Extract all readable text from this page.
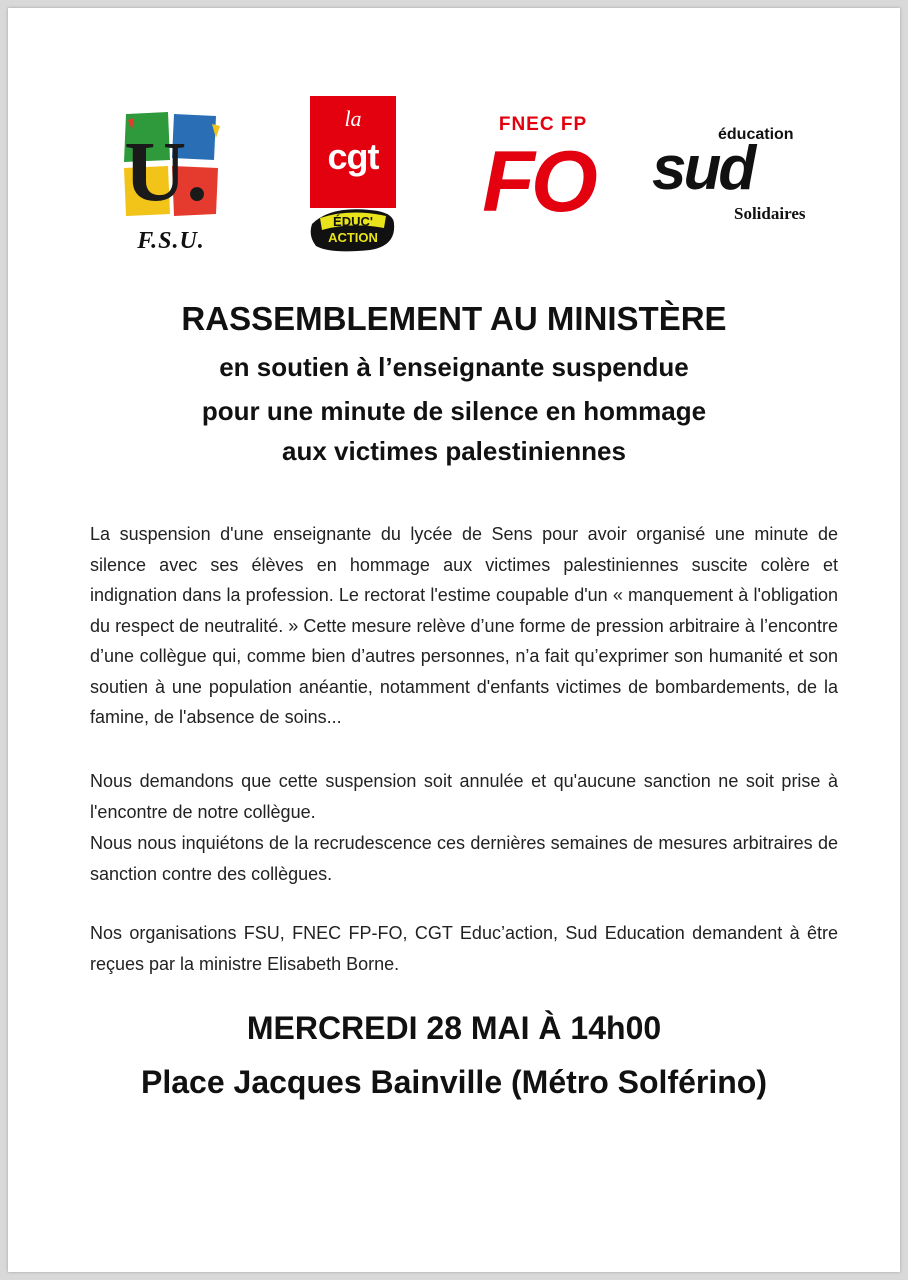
U.
F.S.U.
la
cgt
ÉDUC'
ACTION
FNEC FP
FO	éducation
sud
Solidaires
RASSEMBLEMENT AU MINISTÈRE
en soutien à l’enseignante suspendue
pour une minute de silence en hommage
aux victimes palestiniennes

La suspension d'une enseignante du lycée de Sens pour avoir organisé une minute de silence avec ses élèves en hommage aux victimes palestiniennes suscite colère et indignation dans la profession. Le rectorat l'estime coupable d'un « manquement à l'obligation du respect de neutralité. » Cette mesure relève d’une forme de pression arbitraire à l’encontre d’une collègue qui, comme bien d’autres personnes, n’a fait qu’exprimer son humanité et son soutien à une population anéantie, notamment d'enfants victimes de bombardements, de la famine, de l'absence de soins...

Nous demandons que cette suspension soit annulée et qu'aucune sanction ne soit prise à l'encontre de notre collègue.

Nous nous inquiétons de la recrudescence ces dernières semaines de mesures arbitraires de sanction contre des collègues.

Nos organisations FSU, FNEC FP-FO, CGT Educ’action, Sud Education demandent à être reçues par la ministre Elisabeth Borne.

MERCREDI 28 MAI À 14h00

Place Jacques Bainville (Métro Solférino)
